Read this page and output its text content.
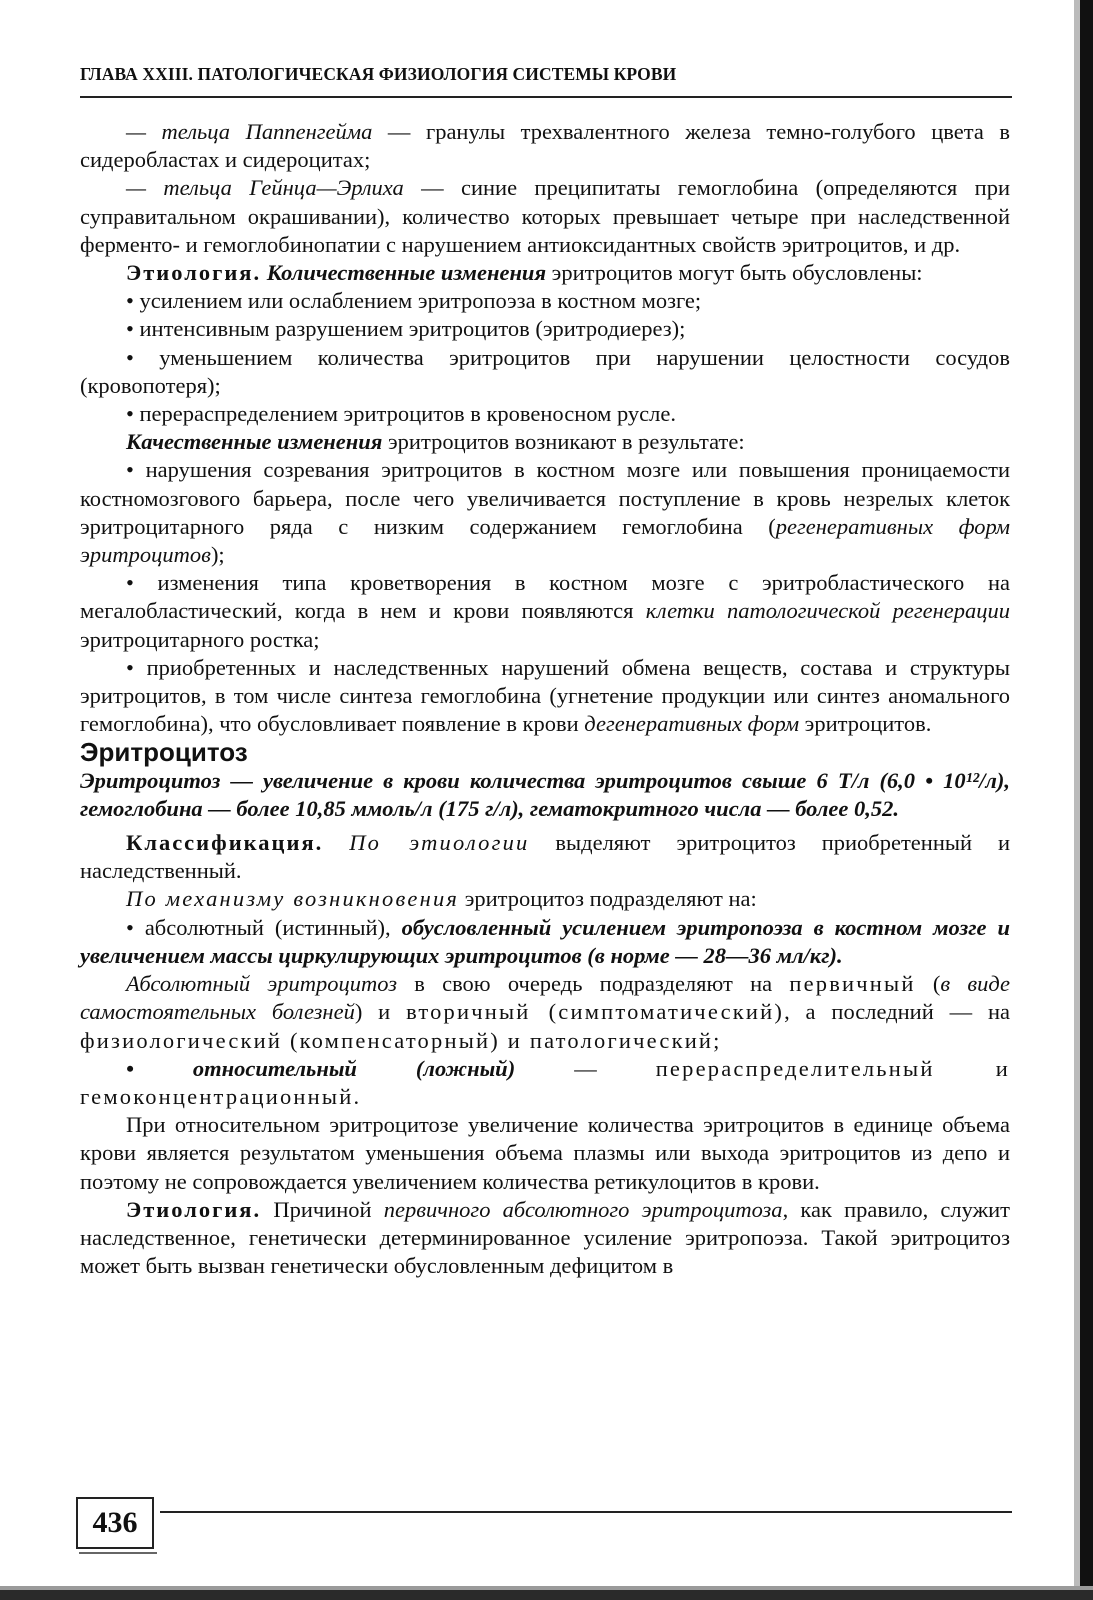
ГЛАВА XXIII. ПАТОЛОГИЧЕСКАЯ ФИЗИОЛОГИЯ СИСТЕМЫ КРОВИ

— тельца Паппенгейма — гранулы трехвалентного железа темно-голубого цвета в сидеробластах и сидероцитах;

— тельца Гейнца—Эрлиха — синие преципитаты гемоглобина (определяются при суправитальном окрашивании), количество которых превышает четыре при наследственной ферменто- и гемоглобинопатии с нарушением антиоксидантных свойств эритроцитов, и др.

Этиология. Количественные изменения эритроцитов могут быть обусловлены:

• усилением или ослаблением эритропоэза в костном мозге;

• интенсивным разрушением эритроцитов (эритродиерез);

• уменьшением количества эритроцитов при нарушении целостности сосудов (кровопотеря);

• перераспределением эритроцитов в кровеносном русле.

Качественные изменения эритроцитов возникают в результате:

• нарушения созревания эритроцитов в костном мозге или повышения проницаемости костномозгового барьера, после чего увеличивается поступление в кровь незрелых клеток эритроцитарного ряда с низким содержанием гемоглобина (регенеративных форм эритроцитов);

• изменения типа кроветворения в костном мозге с эритробластического на мегалобластический, когда в нем и крови появляются клетки патологической регенерации эритроцитарного ростка;

• приобретенных и наследственных нарушений обмена веществ, состава и структуры эритроцитов, в том числе синтеза гемоглобина (угнетение продукции или синтез аномального гемоглобина), что обусловливает появление в крови дегенеративных форм эритроцитов.

Эритроцитоз

Эритроцитоз — увеличение в крови количества эритроцитов свыше 6 Т/л (6,0 • 10¹²/л), гемоглобина — более 10,85 ммоль/л (175 г/л), гематокритного числа — более 0,52.

Классификация. По этиологии выделяют эритроцитоз приобретенный и наследственный.

По механизму возникновения эритроцитоз подразделяют на:

• абсолютный (истинный), обусловленный усилением эритропоэза в костном мозге и увеличением массы циркулирующих эритроцитов (в норме — 28—36 мл/кг).

Абсолютный эритроцитоз в свою очередь подразделяют на первичный (в виде самостоятельных болезней) и вторичный (симптоматический), а последний — на физиологический (компенсаторный) и патологический;

• относительный (ложный) — перераспределительный и гемоконцентрационный.

При относительном эритроцитозе увеличение количества эритроцитов в единице объема крови является результатом уменьшения объема плазмы или выхода эритроцитов из депо и поэтому не сопровождается увеличением количества ретикулоцитов в крови.

Этиология. Причиной первичного абсолютного эритроцитоза, как правило, служит наследственное, генетически детерминированное усиление эритропоэза. Такой эритроцитоз может быть вызван генетически обусловленным дефицитом в

436
